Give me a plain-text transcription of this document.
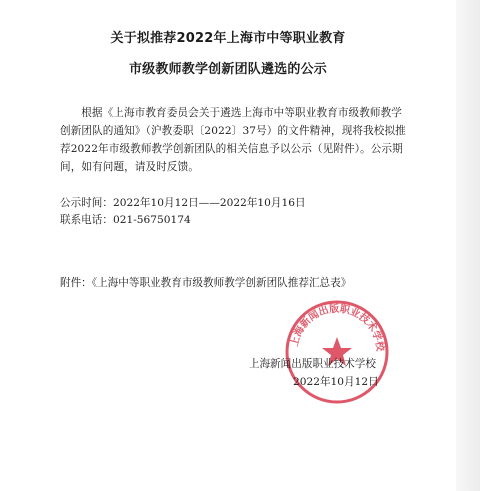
关于拟推荐2022年上海市中等职业教育
市级教师教学创新团队遴选的公示
根据《上海市教育委员会关于遴选上海市中等职业教育市级教师教学创新团队的通知》（沪教委职〔2022〕37号）的文件精神，现将我校拟推荐2022年市级教师教学创新团队的相关信息予以公示（见附件）。公示期间，如有问题，请及时反馈。
公示时间：2022年10月12日——2022年10月16日
联系电话：021-56750174
附件：《上海中等职业教育市级教师教学创新团队推荐汇总表》
上海新闻出版职业技术学校
上海新闻出版职业技术学校
2022年10月12日
